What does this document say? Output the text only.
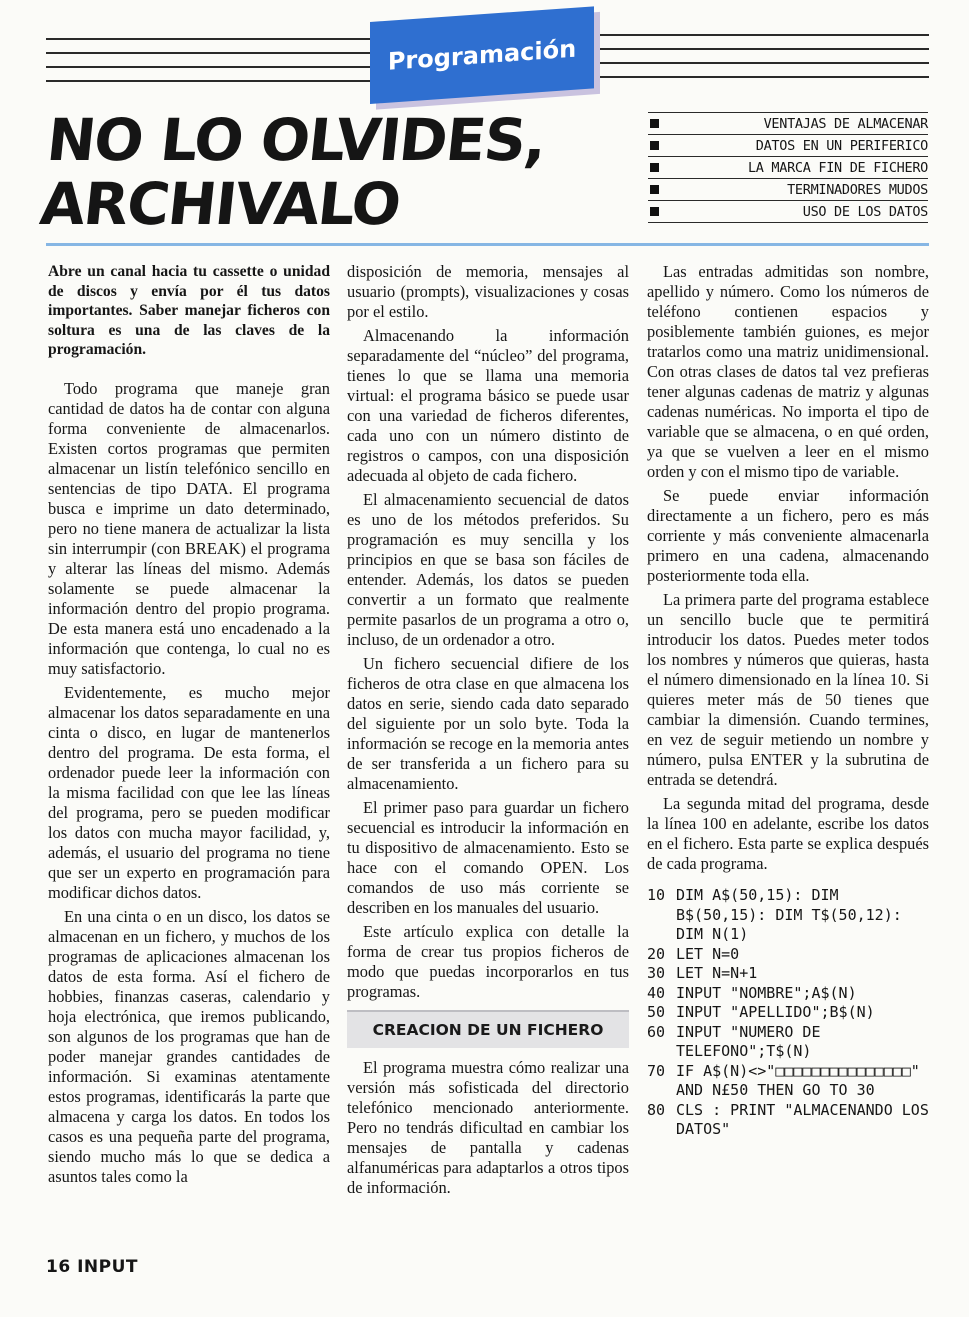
Programación
NO LO OLVIDES,
ARCHIVALO
VENTAJAS DE ALMACENAR
DATOS EN UN PERIFERICO
LA MARCA FIN DE FICHERO
TERMINADORES MUDOS
USO DE LOS DATOS

Abre un canal hacia tu cassette o unidad de discos y envía por él tus datos importantes. Saber manejar ficheros con soltura es una de las claves de la programación.

Todo programa que maneje gran cantidad de datos ha de contar con alguna forma conveniente de almacenarlos. Existen cortos programas que permiten almacenar un listín telefónico sencillo en sentencias de tipo DATA. El programa busca e imprime un dato determinado, pero no tiene manera de actualizar la lista sin interrumpir (con BREAK) el programa y alterar las líneas del mismo. Además solamente se puede almacenar la información dentro del propio programa. De esta manera está uno encadenado a la información que contenga, lo cual no es muy satisfactorio.

Evidentemente, es mucho mejor almacenar los datos separadamente en una cinta o disco, en lugar de mantenerlos dentro del programa. De esta forma, el ordenador puede leer la información con la misma facilidad con que lee las líneas del programa, pero se pueden modificar los datos con mucha mayor facilidad, y, además, el usuario del programa no tiene que ser un experto en programación para modificar dichos datos.

En una cinta o en un disco, los datos se almacenan en un fichero, y muchos de los programas de aplicaciones almacenan los datos de esta forma. Así el fichero de hobbies, finanzas caseras, calendario y hoja electrónica, que iremos publicando, son algunos de los programas que han de poder manejar grandes cantidades de información. Si examinas atentamente estos programas, identificarás la parte que almacena y carga los datos. En todos los casos es una pequeña parte del programa, siendo mucho más lo que se dedica a asuntos tales como la

disposición de memoria, mensajes al usuario (prompts), visualizaciones y cosas por el estilo.

Almacenando la información separadamente del “núcleo” del programa, tienes lo que se llama una memoria virtual: el programa básico se puede usar con una variedad de ficheros diferentes, cada uno con un número distinto de registros o campos, con una disposición adecuada al objeto de cada fichero.

El almacenamiento secuencial de datos es uno de los métodos preferidos. Su programación es muy sencilla y los principios en que se basa son fáciles de entender. Además, los datos se pueden convertir a un formato que realmente permite pasarlos de un programa a otro o, incluso, de un ordenador a otro.

Un fichero secuencial difiere de los ficheros de otra clase en que almacena los datos en serie, siendo cada dato separado del siguiente por un solo byte. Toda la información se recoge en la memoria antes de ser transferida a un fichero para su almacenamiento.

El primer paso para guardar un fichero secuencial es introducir la información en tu dispositivo de almacenamiento. Esto se hace con el comando OPEN. Los comandos de uso más corriente se describen en los manuales del usuario.

Este artículo explica con detalle la forma de crear tus propios ficheros de modo que puedas incorporarlos en tus programas.

CREACION DE UN FICHERO

El programa muestra cómo realizar una versión más sofisticada del directorio telefónico mencionado anteriormente. Pero no tendrás dificultad en cambiar los mensajes de pantalla y cadenas alfanuméricas para adaptarlos a otros tipos de información.

Las entradas admitidas son nombre, apellido y número. Como los números de teléfono contienen espacios y posiblemente también guiones, es mejor tratarlos como una matriz unidimensional. Con otras clases de datos tal vez prefieras tener algunas cadenas de matriz y algunas cadenas numéricas. No importa el tipo de variable que se almacena, o en qué orden, ya que se vuelven a leer en el mismo orden y con el mismo tipo de variable.

Se puede enviar información directamente a un fichero, pero es más corriente y más conveniente almacenarla primero en una cadena, almacenando posteriormente toda ella.

La primera parte del programa establece un sencillo bucle que te permitirá introducir los datos. Puedes meter todos los nombres y números que quieras, hasta el número dimensionado en la línea 10. Si quieres meter más de 50 tienes que cambiar la dimensión. Cuando termines, en vez de seguir metiendo un nombre y número, pulsa ENTER y la subrutina de entrada se detendrá.

La segunda mitad del programa, desde la línea 100 en adelante, escribe los datos en el fichero. Esta parte se explica después de cada programa.

10 DIM A$(50,15): DIM B$(50,15): DIM T$(50,12): DIM N(1)
20 LET N=0
30 LET N=N+1
40 INPUT "NOMBRE";A$(N)
50 INPUT "APELLIDO";B$(N)
60 INPUT "NUMERO DE TELEFONO";T$(N)
70 IF A$(N)<>"□□□□□□□□□□□□□□□" AND N£50 THEN GO TO 30
80 CLS : PRINT "ALMACENANDO LOS DATOS"
16 INPUT
